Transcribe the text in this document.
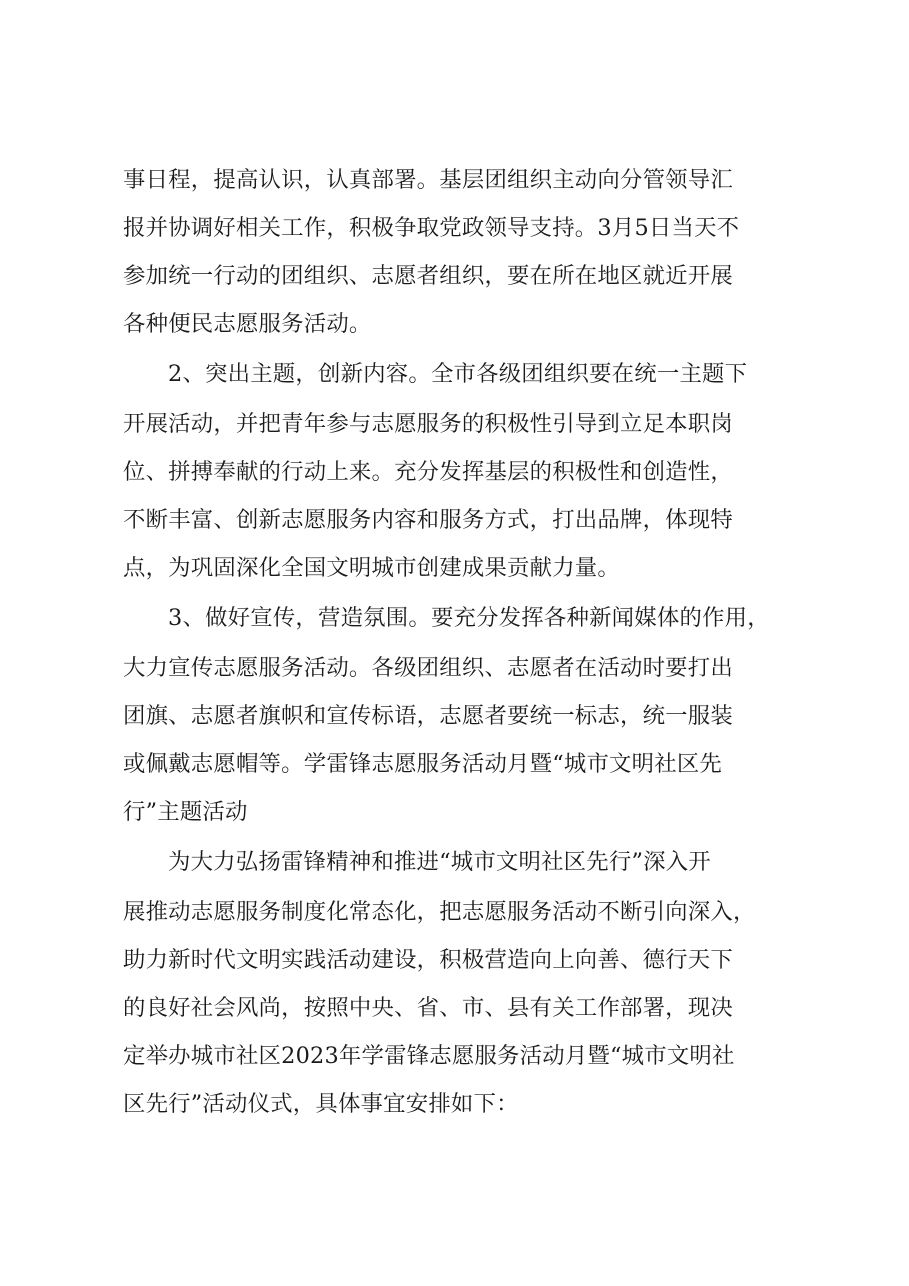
事日程，提高认识，认真部署。基层团组织主动向分管领导汇
报并协调好相关工作，积极争取党政领导支持。3月5日当天不
参加统一行动的团组织、志愿者组织，要在所在地区就近开展
各种便民志愿服务活动。
2、突出主题，创新内容。全市各级团组织要在统一主题下
开展活动，并把青年参与志愿服务的积极性引导到立足本职岗
位、拼搏奉献的行动上来。充分发挥基层的积极性和创造性，
不断丰富、创新志愿服务内容和服务方式，打出品牌，体现特
点，为巩固深化全国文明城市创建成果贡献力量。
3、做好宣传，营造氛围。要充分发挥各种新闻媒体的作用，
大力宣传志愿服务活动。各级团组织、志愿者在活动时要打出
团旗、志愿者旗帜和宣传标语，志愿者要统一标志，统一服装
或佩戴志愿帽等。学雷锋志愿服务活动月暨“城市文明社区先
行”主题活动
为大力弘扬雷锋精神和推进“城市文明社区先行”深入开
展推动志愿服务制度化常态化，把志愿服务活动不断引向深入，
助力新时代文明实践活动建设，积极营造向上向善、德行天下
的良好社会风尚，按照中央、省、市、县有关工作部署，现决
定举办城市社区2023年学雷锋志愿服务活动月暨“城市文明社
区先行”活动仪式，具体事宜安排如下：
